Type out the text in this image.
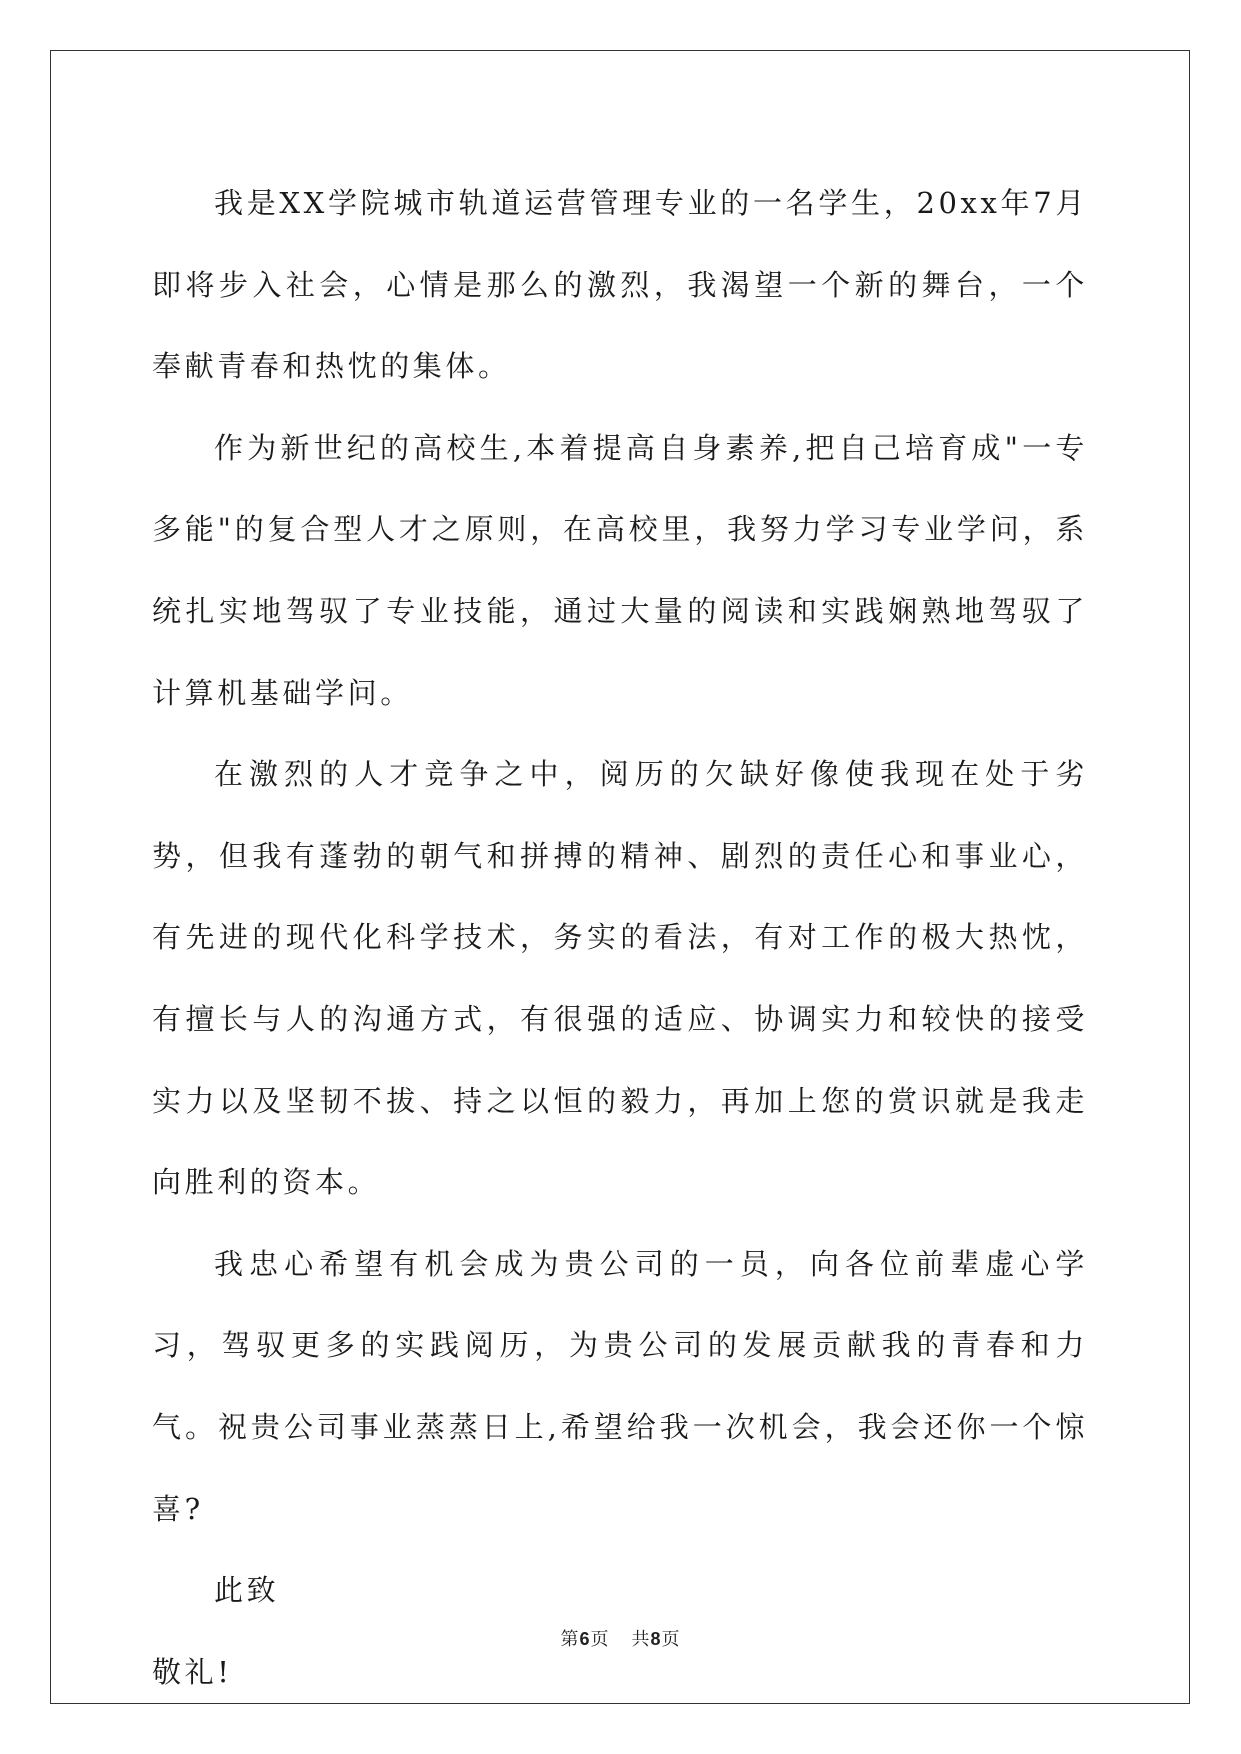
我是XX学院城市轨道运营管理专业的一名学生，20xx年7月即将步入社会，心情是那么的激烈，我渴望一个新的舞台，一个奉献青春和热忱的集体。

作为新世纪的高校生,本着提高自身素养,把自己培育成"一专多能"的复合型人才之原则，在高校里，我努力学习专业学问，系统扎实地驾驭了专业技能，通过大量的阅读和实践娴熟地驾驭了计算机基础学问。

在激烈的人才竞争之中，阅历的欠缺好像使我现在处于劣势，但我有蓬勃的朝气和拼搏的精神、剧烈的责任心和事业心，有先进的现代化科学技术，务实的看法，有对工作的极大热忱，有擅长与人的沟通方式，有很强的适应、协调实力和较快的接受实力以及坚韧不拔、持之以恒的毅力，再加上您的赏识就是我走向胜利的资本。

我忠心希望有机会成为贵公司的一员，向各位前辈虚心学习，驾驭更多的实践阅历，为贵公司的发展贡献我的青春和力气。祝贵公司事业蒸蒸日上,希望给我一次机会，我会还你一个惊喜?

此致

敬礼!

第6页 共8页
